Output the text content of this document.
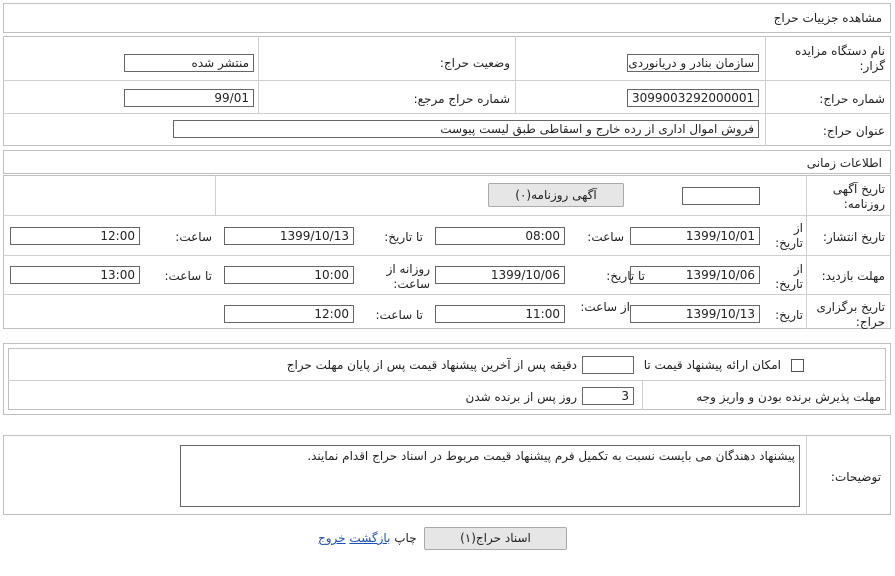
مشاهده جزییات حراج
نام دستگاه مزایده گزار:
سازمان بنادر و دریانوردی
وضعیت حراج:
منتشر شده
شماره حراج:
3099003292000001
شماره حراج مرجع:
99/01
عنوان حراج:
فروش اموال اداری از رده خارج و اسقاطی طبق لیست پیوست
اطلاعات زمانی
تاریخ آگهی روزنامه:
آگهی روزنامه(۰)
تاریخ انتشار:
از تاریخ:
1399/10/01
ساعت:
08:00
تا تاریخ:
1399/10/13
ساعت:
12:00
مهلت بازدید:
از تاریخ:
1399/10/06
تا تاریخ:
1399/10/06
روزانه از ساعت:
10:00
تا ساعت:
13:00
تاریخ برگزاری حراج:
تاریخ:
1399/10/13
از ساعت:
11:00
تا ساعت:
12:00
امکان ارائه پیشنهاد قیمت تا
دقیقه پس از آخرین پیشنهاد قیمت پس از پایان مهلت حراج
مهلت پذیرش برنده بودن و واریز وجه
3
روز پس از برنده شدن
توضیحات:
پیشنهاد دهندگان می بایست نسبت به تکمیل فرم پیشنهاد قیمت مربوط در اسناد حراج اقدام نمایند.
اسناد حراج(۱)
چاپ بازگشت خروج
